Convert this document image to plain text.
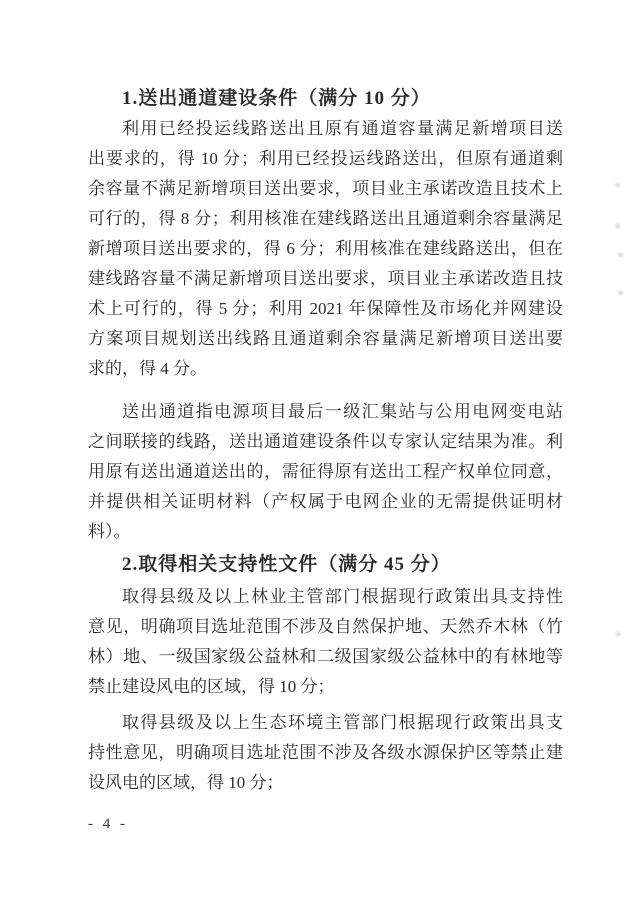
1.送出通道建设条件（满分 10 分）
利用已经投运线路送出且原有通道容量满足新增项目送
出要求的，得 10 分；利用已经投运线路送出，但原有通道剩
余容量不满足新增项目送出要求，项目业主承诺改造且技术上
可行的，得 8 分；利用核准在建线路送出且通道剩余容量满足
新增项目送出要求的，得 6 分；利用核准在建线路送出，但在
建线路容量不满足新增项目送出要求，项目业主承诺改造且技
术上可行的，得 5 分；利用 2021 年保障性及市场化并网建设
方案项目规划送出线路且通道剩余容量满足新增项目送出要
求的，得 4 分。
送出通道指电源项目最后一级汇集站与公用电网变电站
之间联接的线路，送出通道建设条件以专家认定结果为准。利
用原有送出通道送出的，需征得原有送出工程产权单位同意，
并提供相关证明材料（产权属于电网企业的无需提供证明材
料）。
2.取得相关支持性文件（满分 45 分）
取得县级及以上林业主管部门根据现行政策出具支持性
意见，明确项目选址范围不涉及自然保护地、天然乔木林（竹
林）地、一级国家级公益林和二级国家级公益林中的有林地等
禁止建设风电的区域，得 10 分；
取得县级及以上生态环境主管部门根据现行政策出具支
持性意见，明确项目选址范围不涉及各级水源保护区等禁止建
设风电的区域，得 10 分；
- 4 -
